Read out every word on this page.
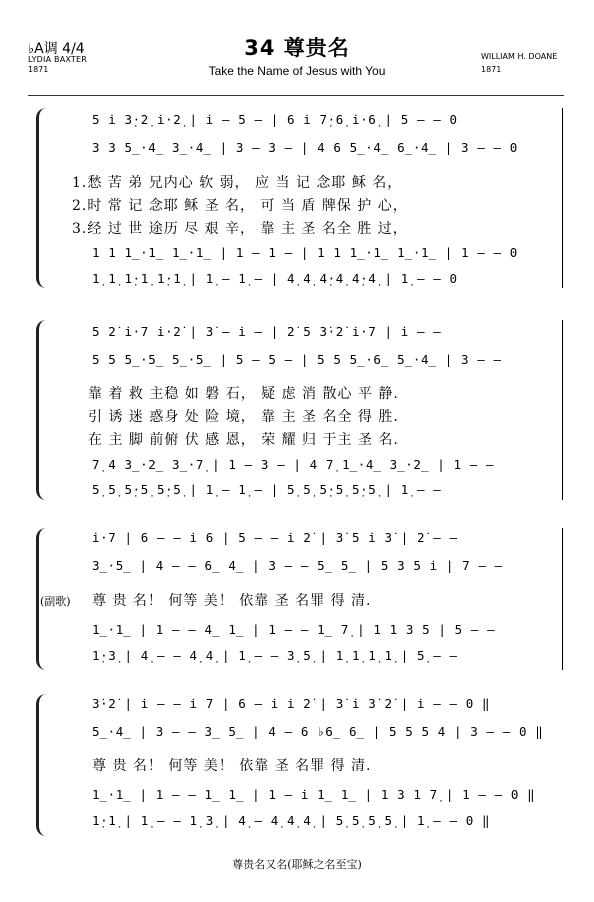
♭A调 4/4
LYDIA BAXTER
1871
34 尊贵名
Take the Name of Jesus with You
WILLIAM H. DOANE
1871
5 i̇ 3̣·2̣ i̇·2̣ | i̇ – 5 – | 6 i̇ 7̣·6̣ i̇·6̣ | 5 – – 0
3 3 5̲·4̲ 3̲·4̲ | 3 – 3 – | 4 6 5̲·4̲ 6̲·4̲ | 3 – – 0
1.愁 苦 弟 兄内心 软 弱， 应 当 记 念耶 稣 名，
2.时 常 记 念耶 稣 圣 名， 可 当 盾 牌保 护 心，
3.经 过 世 途历 尽 艰 辛， 靠 主 圣 名全 胜 过，
1 1 1̲·1̲ 1̲·1̲ | 1 – 1 – | 1 1 1̲·1̲ 1̲·1̲ | 1 – – 0
1̣ 1̣ 1̣·1̣ 1̣·1̣ | 1̣ – 1̣ – | 4̣ 4̣ 4̣·4̣ 4̣·4̣ | 1̣ – – 0
5 2̇ i̇·7 i̇·2̇ | 3̇ – i̇ – | 2̇ 5 3̇·2̇ i̇·7 | i̇ – –
5 5 5̲·5̲ 5̲·5̲ | 5 – 5 – | 5 5 5̲·6̲ 5̲·4̲ | 3 – –
靠 着 救 主稳 如 磐 石， 疑 虑 消 散心 平 静.
引 诱 迷 惑身 处 险 境， 靠 主 圣 名全 得 胜.
在 主 脚 前俯 伏 感 恩， 荣 耀 归 于主 圣 名.
7̣ 4 3̲·2̲ 3̲·7̣ | 1 – 3 – | 4 7̣ 1̲·4̲ 3̲·2̲ | 1 – –
5̣ 5̣ 5̣·5̣ 5̣·5̣ | 1̣ – 1̣ – | 5̣ 5̣ 5̣·5̣ 5̣·5̣ | 1̣ – –
i̇·7 | 6 – – i̇ 6 | 5 – – i̇ 2̇ | 3̇ 5 i̇ 3̇ | 2̇ – –
3̲·5̲ | 4 – – 6̲ 4̲ | 3 – – 5̲ 5̲ | 5 3 5 i̇ | 7 – –
(副歌) 尊 贵 名！ 何等 美！ 依靠 圣 名罪 得 清.
1̲·1̲ | 1 – – 4̲ 1̲ | 1 – – 1̲ 7̣ | 1 1 3 5 | 5 – –
1̣·3̣ | 4̣ – – 4̣ 4̣ | 1̣ – – 3̣ 5̣ | 1̣ 1̣ 1̣ 1̣ | 5̣ – –
3̇·2̇ | i̇ – – i̇ 7 | 6 – i̇ i̇ 2̇ | 3̇ i̇ 3̇ 2̇ | i̇ – – 0 ‖
5̲·4̲ | 3 – – 3̲ 5̲ | 4 – 6 ♭6̲ 6̲ | 5 5 5 4 | 3 – – 0 ‖
尊 贵 名！ 何等 美！ 依靠 圣 名罪 得 清.
1̲·1̲ | 1 – – 1̲ 1̲ | 1 – i̇ 1̲ 1̲ | 1 3 1 7̣ | 1 – – 0 ‖
1̣·1̣ | 1̣ – – 1̣ 3̣ | 4̣ – 4̣ 4̣ 4̣ | 5̣ 5̣ 5̣ 5̣ | 1̣ – – 0 ‖
尊贵名又名(耶稣之名至宝)
